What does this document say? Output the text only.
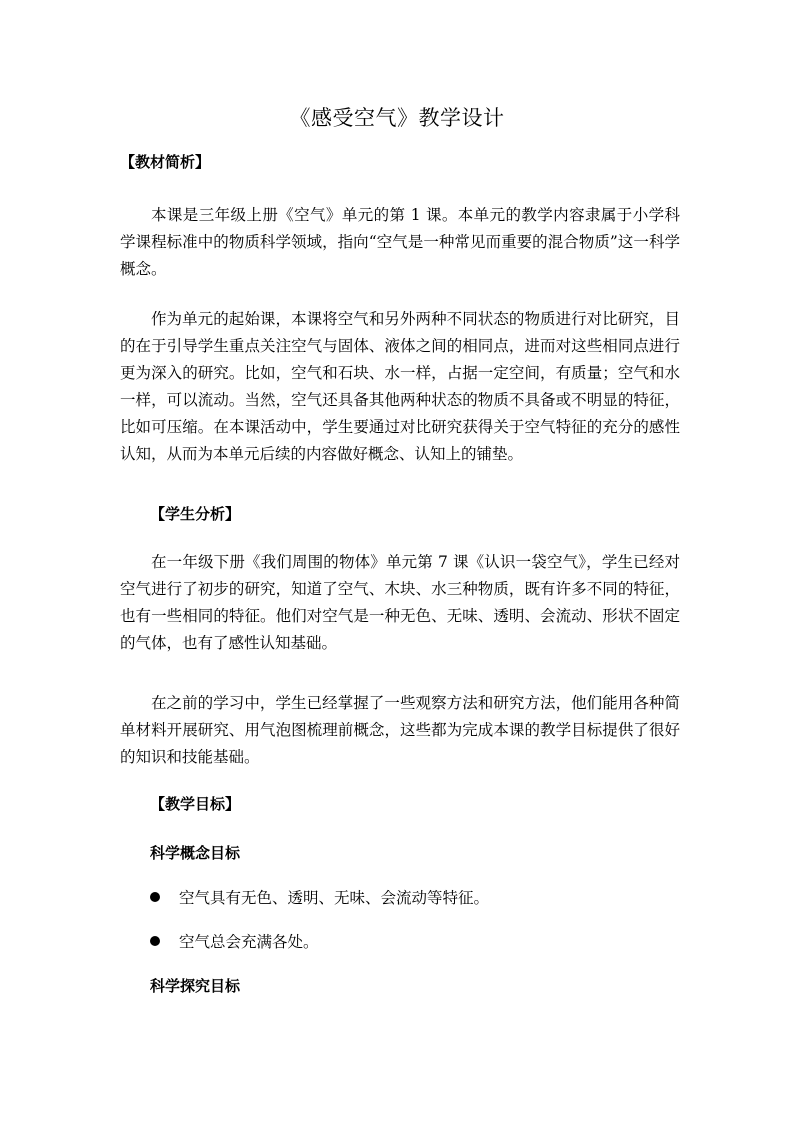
《感受空气》教学设计
【教材简析】

本课是三年级上册《空气》单元的第 1 课。本单元的教学内容隶属于小学科学课程标准中的物质科学领域，指向“空气是一种常见而重要的混合物质”这一科学概念。

作为单元的起始课，本课将空气和另外两种不同状态的物质进行对比研究，目的在于引导学生重点关注空气与固体、液体之间的相同点，进而对这些相同点进行更为深入的研究。比如，空气和石块、水一样，占据一定空间，有质量；空气和水一样，可以流动。当然，空气还具备其他两种状态的物质不具备或不明显的特征，比如可压缩。在本课活动中，学生要通过对比研究获得关于空气特征的充分的感性认知，从而为本单元后续的内容做好概念、认知上的铺垫。

【学生分析】

在一年级下册《我们周围的物体》单元第 7 课《认识一袋空气》，学生已经对空气进行了初步的研究，知道了空气、木块、水三种物质，既有许多不同的特征，也有一些相同的特征。他们对空气是一种无色、无味、透明、会流动、形状不固定的气体，也有了感性认知基础。

在之前的学习中，学生已经掌握了一些观察方法和研究方法，他们能用各种简单材料开展研究、用气泡图梳理前概念，这些都为完成本课的教学目标提供了很好的知识和技能基础。

【教学目标】
科学概念目标
空气具有无色、透明、无味、会流动等特征。
空气总会充满各处。
科学探究目标
